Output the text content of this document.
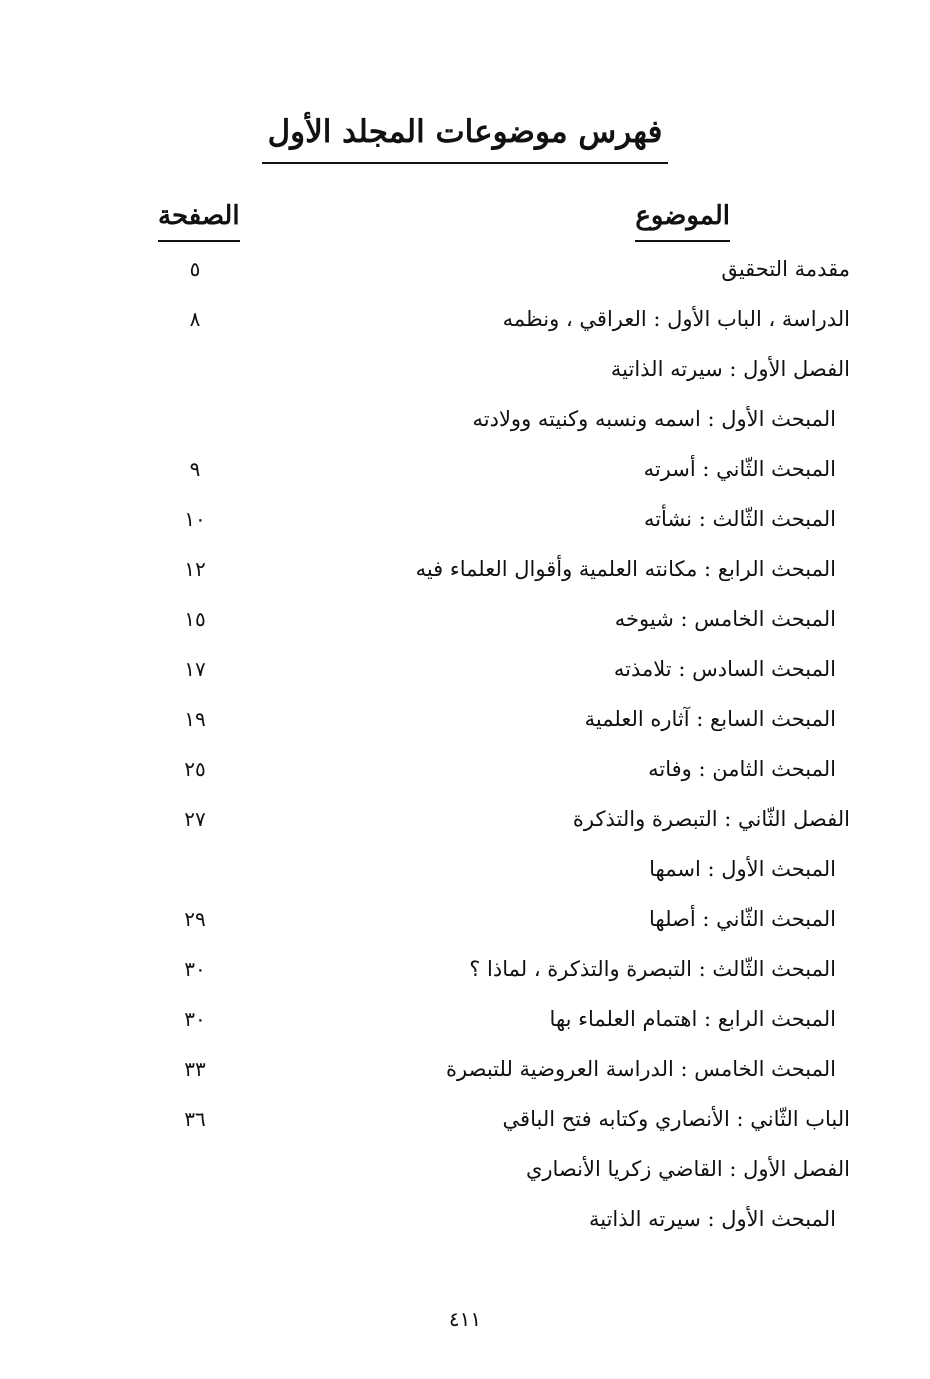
فهرس موضوعات المجلد الأول
الموضوع
الصفحة
مقدمة التحقيق
٥
الدراسة ، الباب الأول : العراقي ، ونظمه
٨
الفصل الأول : سيرته الذاتية
المبحث الأول : اسمه ونسبه وكنيته وولادته
المبحث الثّاني : أسرته
٩
المبحث الثّالث : نشأته
١٠
المبحث الرابع : مكانته العلمية وأقوال العلماء فيه
١٢
المبحث الخامس : شيوخه
١٥
المبحث السادس : تلامذته
١٧
المبحث السابع : آثاره العلمية
١٩
المبحث الثامن : وفاته
٢٥
الفصل الثّاني : التبصرة والتذكرة
٢٧
المبحث الأول : اسمها
المبحث الثّاني : أصلها
٢٩
المبحث الثّالث : التبصرة والتذكرة ، لماذا ؟
٣٠
المبحث الرابع : اهتمام العلماء بها
٣٠
المبحث الخامس : الدراسة العروضية للتبصرة
٣٣
الباب الثّاني : الأنصاري وكتابه فتح الباقي
٣٦
الفصل الأول : القاضي زكريا الأنصاري
المبحث الأول : سيرته الذاتية
٤١١
